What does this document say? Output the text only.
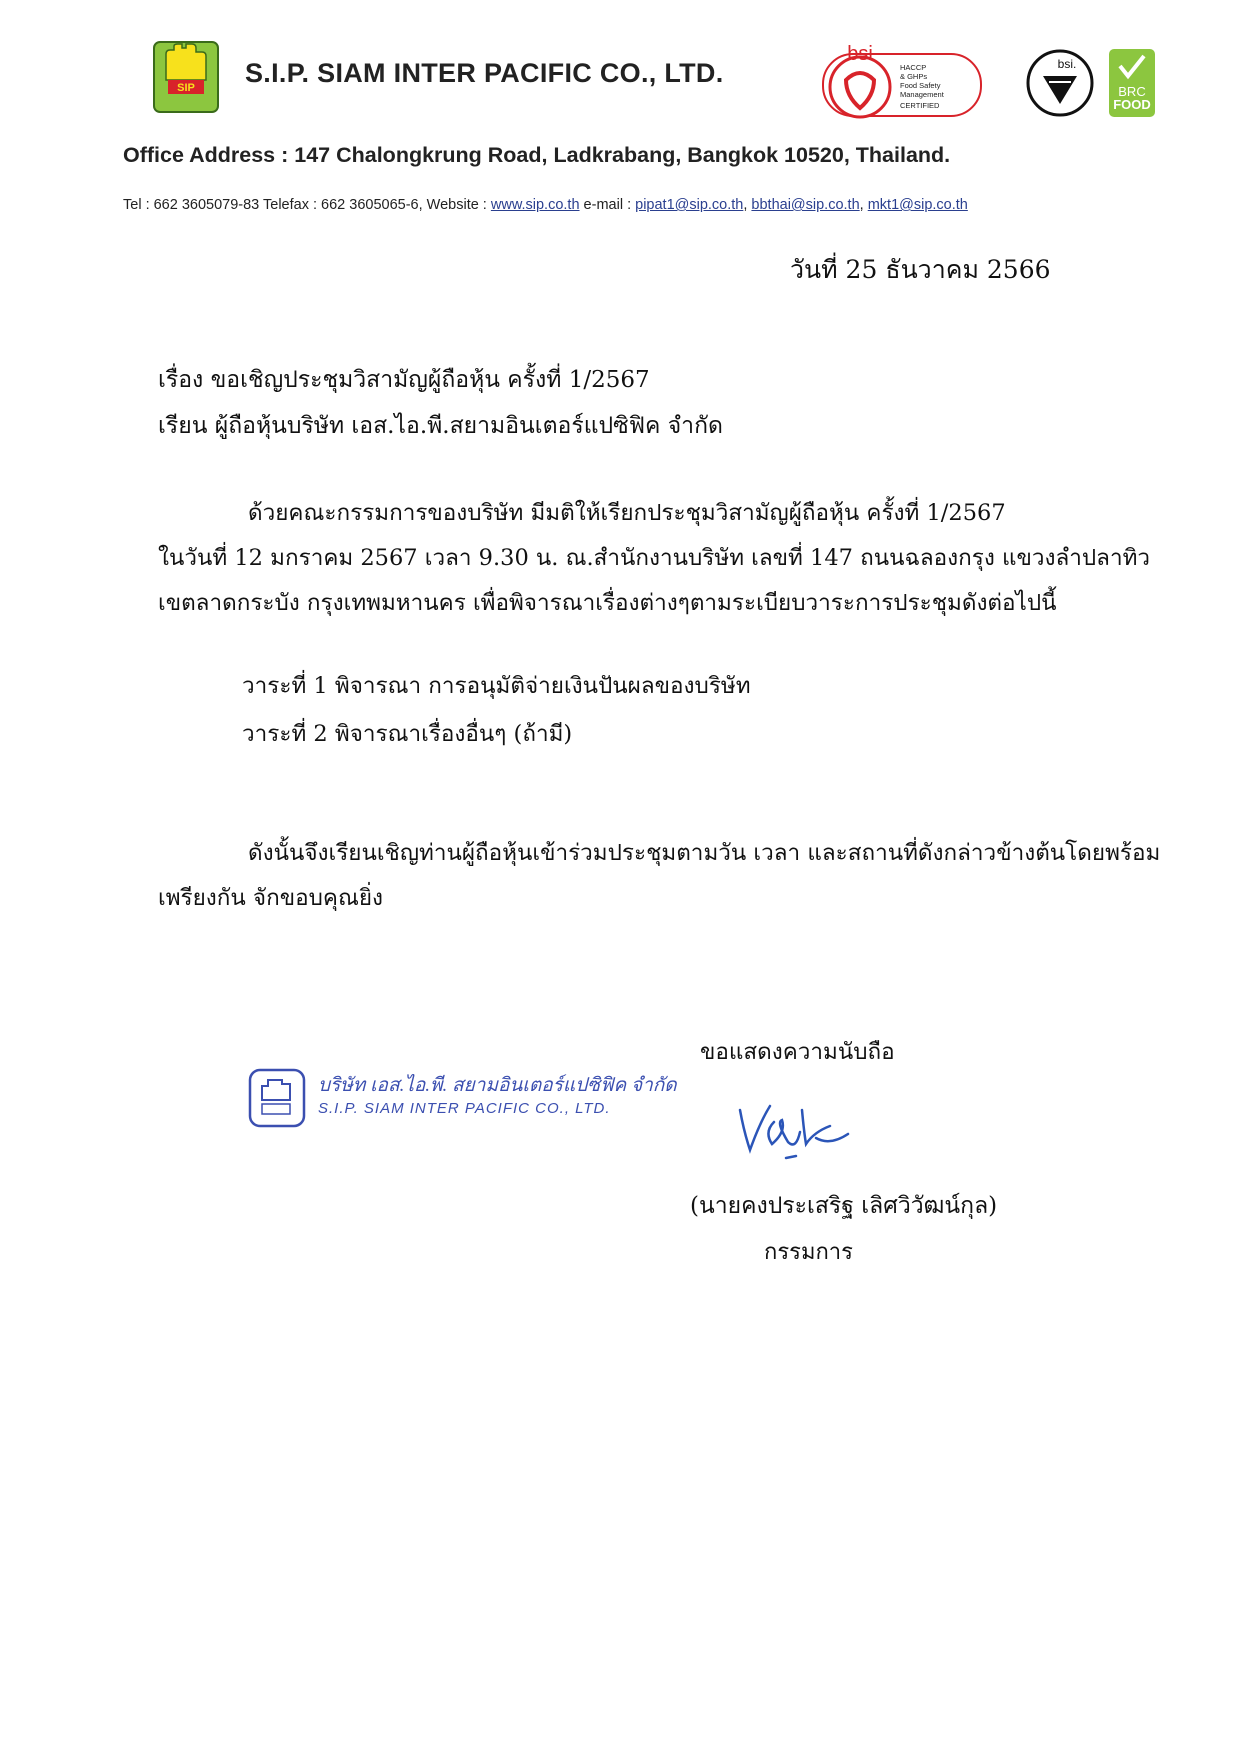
SIP S.I.P. SIAM INTER PACIFIC CO., LTD.
bsi
HACCP
& GHPs
Food Safety
Management
CERTIFIED
bsi.
BRC
FOOD
Office Address : 147 Chalongkrung Road, Ladkrabang, Bangkok 10520, Thailand.
Tel : 662 3605079-83 Telefax : 662 3605065-6, Website : www.sip.co.th e-mail : pipat1@sip.co.th, bbthai@sip.co.th, mkt1@sip.co.th
วันที่ 25 ธันวาคม 2566
เรื่อง ขอเชิญประชุมวิสามัญผู้ถือหุ้น ครั้งที่ 1/2567
เรียน ผู้ถือหุ้นบริษัท เอส.ไอ.พี.สยามอินเตอร์แปซิฟิค จำกัด
ด้วยคณะกรรมการของบริษัท มีมติให้เรียกประชุมวิสามัญผู้ถือหุ้น ครั้งที่ 1/2567
ในวันที่ 12 มกราคม 2567 เวลา 9.30 น. ณ.สำนักงานบริษัท เลขที่ 147 ถนนฉลองกรุง แขวงลำปลาทิว
เขตลาดกระบัง กรุงเทพมหานคร เพื่อพิจารณาเรื่องต่างๆตามระเบียบวาระการประชุมดังต่อไปนี้
วาระที่ 1 พิจารณา การอนุมัติจ่ายเงินปันผลของบริษัท
วาระที่ 2 พิจารณาเรื่องอื่นๆ (ถ้ามี)
ดังนั้นจึงเรียนเชิญท่านผู้ถือหุ้นเข้าร่วมประชุมตามวัน เวลา และสถานที่ดังกล่าวข้างต้นโดยพร้อม
เพรียงกัน จักขอบคุณยิ่ง
ขอแสดงความนับถือ
(นายคงประเสริฐ เลิศวิวัฒน์กุล)
กรรมการ
บริษัท เอส.ไอ.พี. สยามอินเตอร์แปซิฟิค จำกัด
S.I.P. SIAM INTER PACIFIC CO., LTD.
